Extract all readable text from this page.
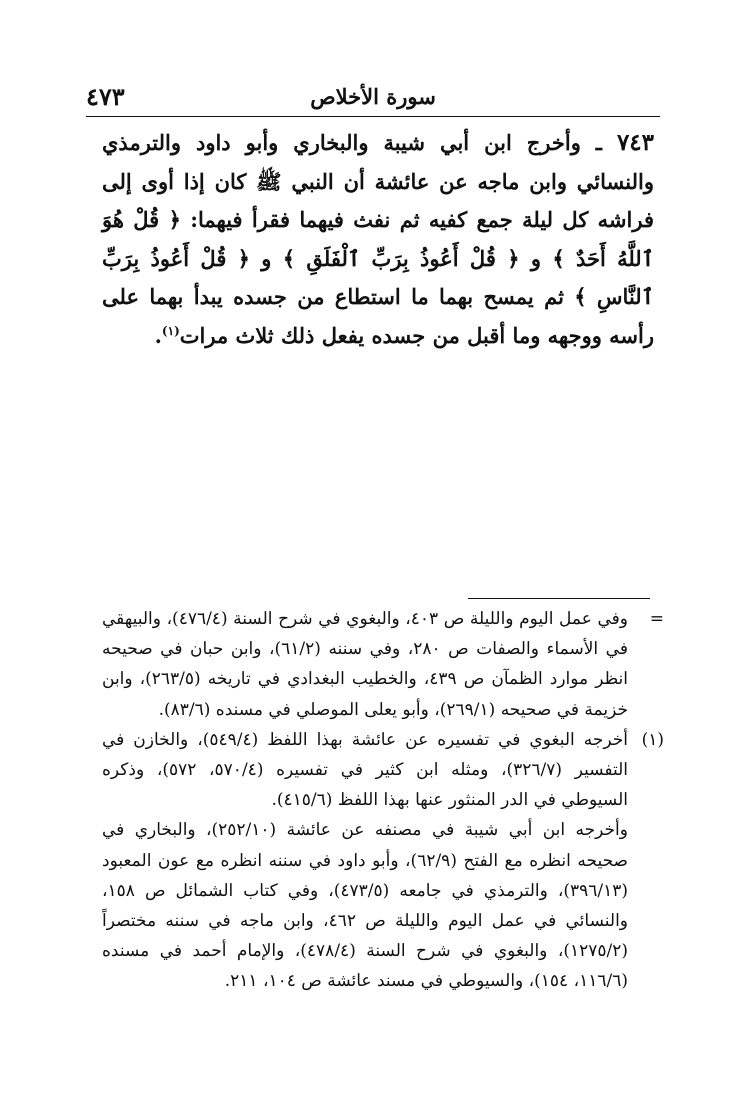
سورة الأخلاص
٤٧٣
٧٤٣ ـ وأخرج ابن أبي شيبة والبخاري وأبو داود والترمذي والنسائي وابن ماجه عن عائشة أن النبي ﷺ كان إذا أوى إلى فراشه كل ليلة جمع كفيه ثم نفث فيهما فقرأ فيهما: ﴿ قُلْ هُوَ ٱللَّهُ أَحَدٌ ﴾ و ﴿ قُلْ أَعُوذُ بِرَبِّ ٱلْفَلَقِ ﴾ و ﴿ قُلْ أَعُوذُ بِرَبِّ ٱلنَّاسِ ﴾ ثم يمسح بهما ما استطاع من جسده يبدأ بهما على رأسه ووجهه وما أقبل من جسده يفعل ذلك ثلاث مرات$^{(١)}$.
=
وفي عمل اليوم والليلة ص ٤٠٣، والبغوي في شرح السنة (٤٧٦/٤)، والبيهقي في الأسماء والصفات ص ٢٨٠، وفي سننه (٦١/٢)، وابن حبان في صحيحه انظر موارد الظمآن ص ٤٣٩، والخطيب البغدادي في تاريخه (٢٦٣/٥)، وابن خزيمة في صحيحه (٢٦٩/١)، وأبو يعلى الموصلي في مسنده (٨٣/٦).
(١)
أخرجه البغوي في تفسيره عن عائشة بهذا اللفظ (٥٤٩/٤)، والخازن في التفسير (٣٢٦/٧)، ومثله ابن كثير في تفسيره (٥٧٠/٤، ٥٧٢)، وذكره السيوطي في الدر المنثور عنها بهذا اللفظ (٤١٥/٦).
وأخرجه ابن أبي شيبة في مصنفه عن عائشة (٢٥٢/١٠)، والبخاري في صحيحه انظره مع الفتح (٦٢/٩)، وأبو داود في سننه انظره مع عون المعبود (٣٩٦/١٣)، والترمذي في جامعه (٤٧٣/٥)، وفي كتاب الشمائل ص ١٥٨، والنسائي في عمل اليوم والليلة ص ٤٦٢، وابن ماجه في سننه مختصراً (١٢٧٥/٢)، والبغوي في شرح السنة (٤٧٨/٤)، والإمام أحمد في مسنده (١١٦/٦، ١٥٤)، والسيوطي في مسند عائشة ص ١٠٤، ٢١١.
